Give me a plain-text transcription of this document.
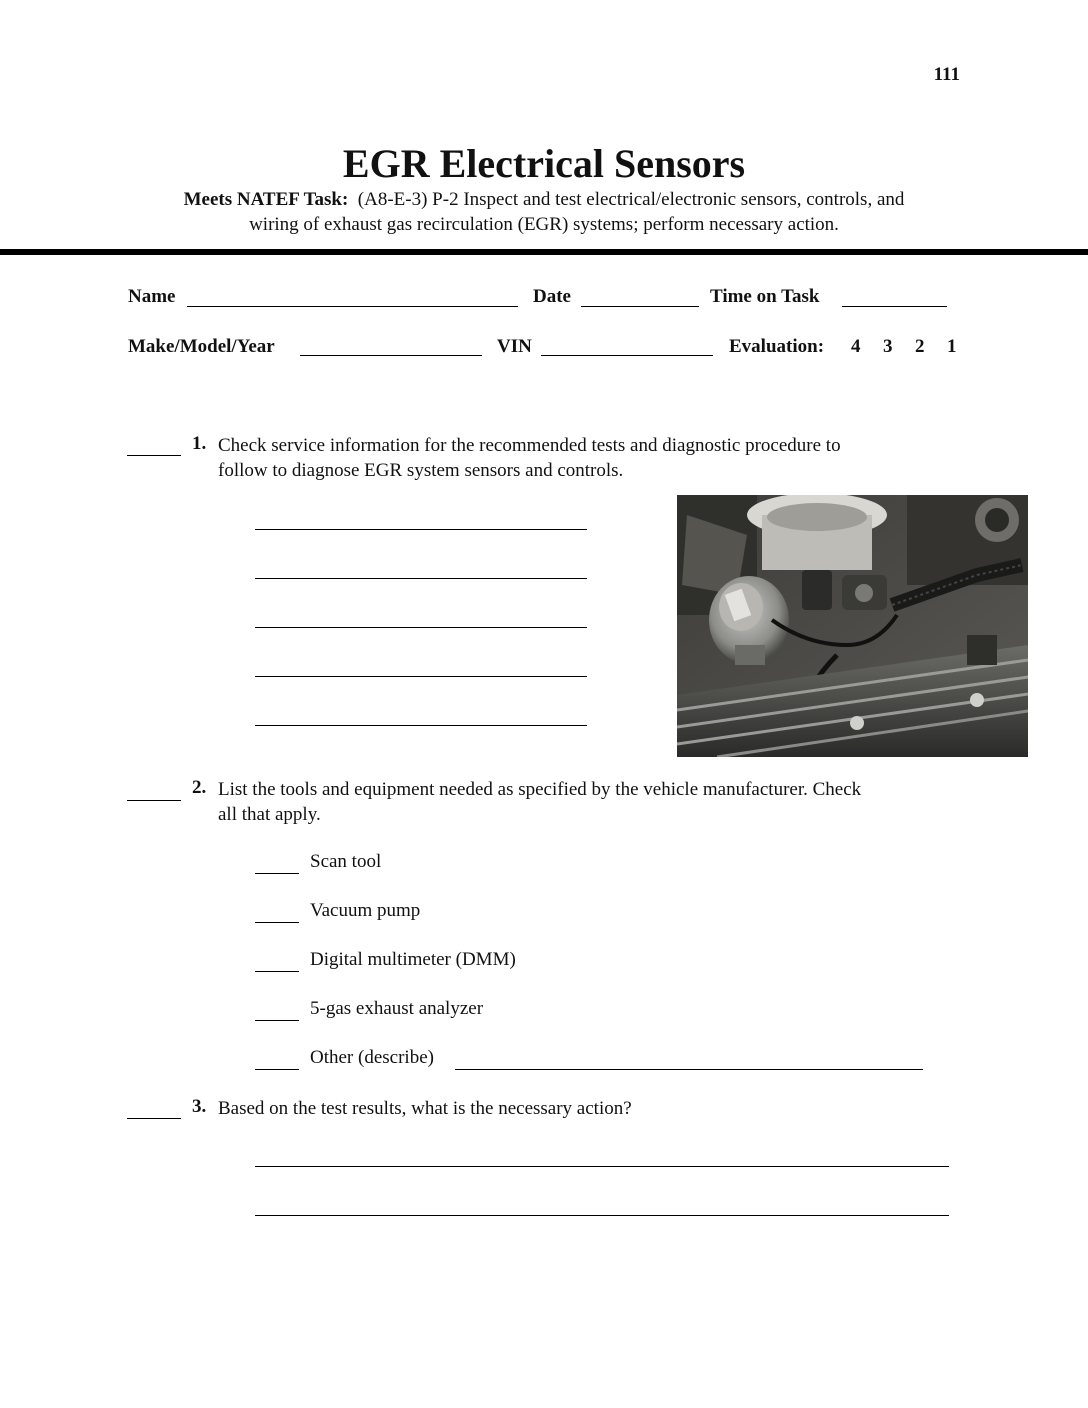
111
EGR Electrical Sensors
Meets NATEF Task: (A8-E-3) P-2 Inspect and test electrical/electronic sensors, controls, and
wiring of exhaust gas recirculation (EGR) systems; perform necessary action.
Name	Date	Time on Task
Make/Model/Year	VIN	Evaluation: 4 3 2 1
1. Check service information for the recommended tests and diagnostic procedure to
follow to diagnose EGR system sensors and controls.
2. List the tools and equipment needed as specified by the vehicle manufacturer. Check
all that apply.
Scan tool
Vacuum pump
Digital multimeter (DMM)
5-gas exhaust analyzer
Other (describe)
3. Based on the test results, what is the necessary action?
